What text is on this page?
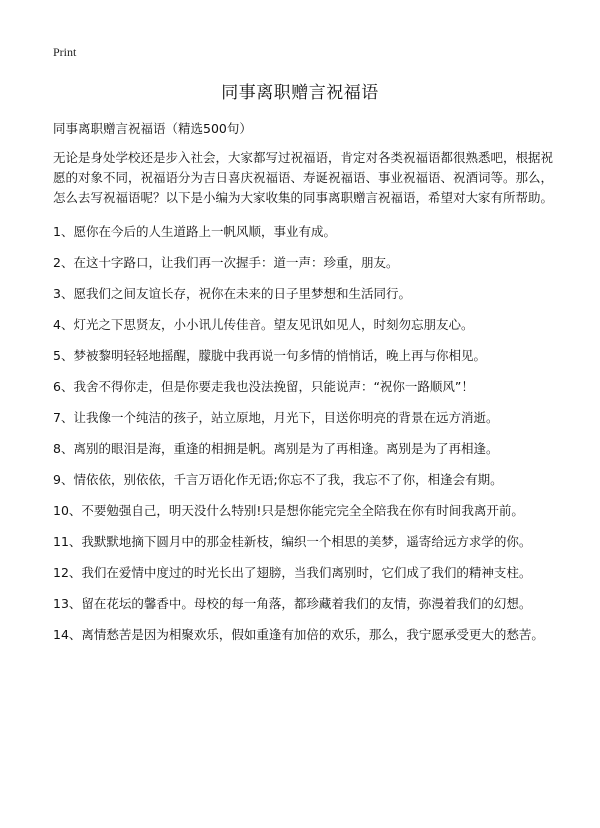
Print
同事离职赠言祝福语

同事离职赠言祝福语（精选500句）

无论是身处学校还是步入社会，大家都写过祝福语，肯定对各类祝福语都很熟悉吧，根据祝愿的对象不同，祝福语分为吉日喜庆祝福语、寿诞祝福语、事业祝福语、祝酒词等。那么，怎么去写祝福语呢？以下是小编为大家收集的同事离职赠言祝福语，希望对大家有所帮助。

1、愿你在今后的人生道路上一帆风顺，事业有成。

2、在这十字路口，让我们再一次握手：道一声：珍重，朋友。

3、愿我们之间友谊长存，祝你在未来的日子里梦想和生活同行。

4、灯光之下思贤友，小小讯儿传佳音。望友见讯如见人，时刻勿忘朋友心。

5、梦被黎明轻轻地摇醒，朦胧中我再说一句多情的悄悄话，晚上再与你相见。

6、我舍不得你走，但是你要走我也没法挽留，只能说声：“祝你一路顺风”！

7、让我像一个纯洁的孩子，站立原地，月光下，目送你明亮的背景在远方消逝。

8、离别的眼泪是海，重逢的相拥是帆。离别是为了再相逢。离别是为了再相逢。

9、情依依，别依依，千言万语化作无语;你忘不了我，我忘不了你，相逢会有期。

10、不要勉强自己，明天没什么特别!只是想你能完完全全陪我在你有时间我离开前。

11、我默默地摘下圆月中的那金桂新枝，编织一个相思的美梦，遥寄给远方求学的你。

12、我们在爱情中度过的时光长出了翅膀，当我们离别时，它们成了我们的精神支柱。

13、留在花坛的馨香中。母校的每一角落，都珍藏着我们的友情，弥漫着我们的幻想。

14、离情愁苦是因为相聚欢乐，假如重逢有加倍的欢乐，那么，我宁愿承受更大的愁苦。
